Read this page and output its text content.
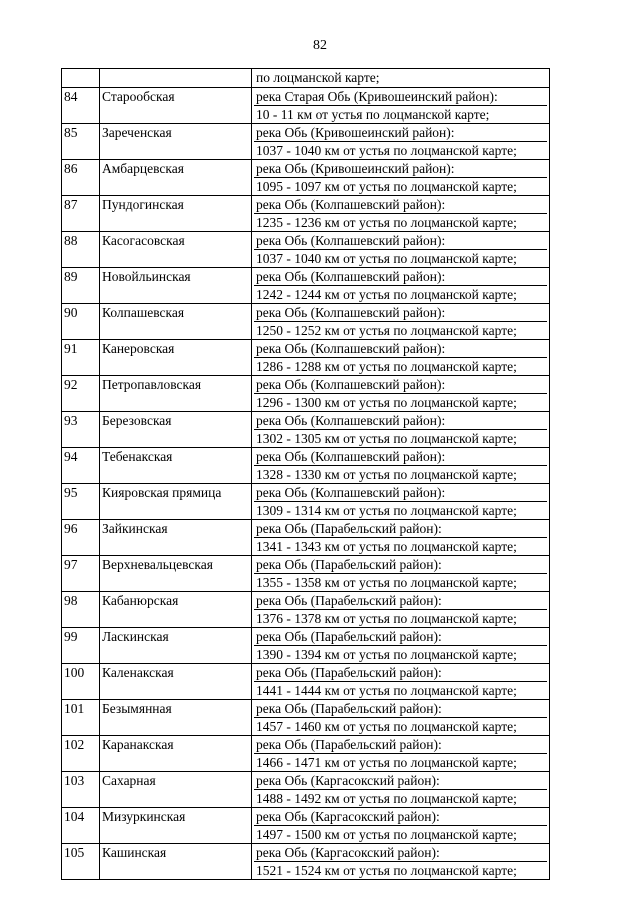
82

		по лоцманской карте;

84	Старообская	река Старая Обь (Кривошеинский район):
10 - 11 км от устья по лоцманской карте;

85	Зареченская	река Обь (Кривошеинский район):
1037 - 1040 км от устья по лоцманской карте;

86	Амбарцевская	река Обь (Кривошеинский район):
1095 - 1097 км от устья по лоцманской карте;

87	Пундогинская	река Обь (Колпашевский район):
1235 - 1236 км от устья по лоцманской карте;

88	Касогасовская	река Обь (Колпашевский район):
1037 - 1040 км от устья по лоцманской карте;

89	Новойльинская	река Обь (Колпашевский район):
1242 - 1244 км от устья по лоцманской карте;

90	Колпашевская	река Обь (Колпашевский район):
1250 - 1252 км от устья по лоцманской карте;

91	Канеровская	река Обь (Колпашевский район):
1286 - 1288 км от устья по лоцманской карте;

92	Петропавловская	река Обь (Колпашевский район):
1296 - 1300 км от устья по лоцманской карте;

93	Березовская	река Обь (Колпашевский район):
1302 - 1305 км от устья по лоцманской карте;

94	Тебенакская	река Обь (Колпашевский район):
1328 - 1330 км от устья по лоцманской карте;

95	Кияровская прямица	река Обь (Колпашевский район):
1309 - 1314 км от устья по лоцманской карте;

96	Зайкинская	река Обь (Парабельский район):
1341 - 1343 км от устья по лоцманской карте;

97	Верхневальцевская	река Обь (Парабельский район):
1355 - 1358 км от устья по лоцманской карте;

98	Кабанюрская	река Обь (Парабельский район):
1376 - 1378 км от устья по лоцманской карте;

99	Ласкинская	река Обь (Парабельский район):
1390 - 1394 км от устья по лоцманской карте;

100	Каленакская	река Обь (Парабельский район):
1441 - 1444 км от устья по лоцманской карте;

101	Безымянная	река Обь (Парабельский район):
1457 - 1460 км от устья по лоцманской карте;

102	Каранакская	река Обь (Парабельский район):
1466 - 1471 км от устья по лоцманской карте;

103	Сахарная	река Обь (Каргасокский район):
1488 - 1492 км от устья по лоцманской карте;

104	Мизуркинская	река Обь (Каргасокский район):
1497 - 1500 км от устья по лоцманской карте;

105	Кашинская	река Обь (Каргасокский район):
1521 - 1524 км от устья по лоцманской карте;
